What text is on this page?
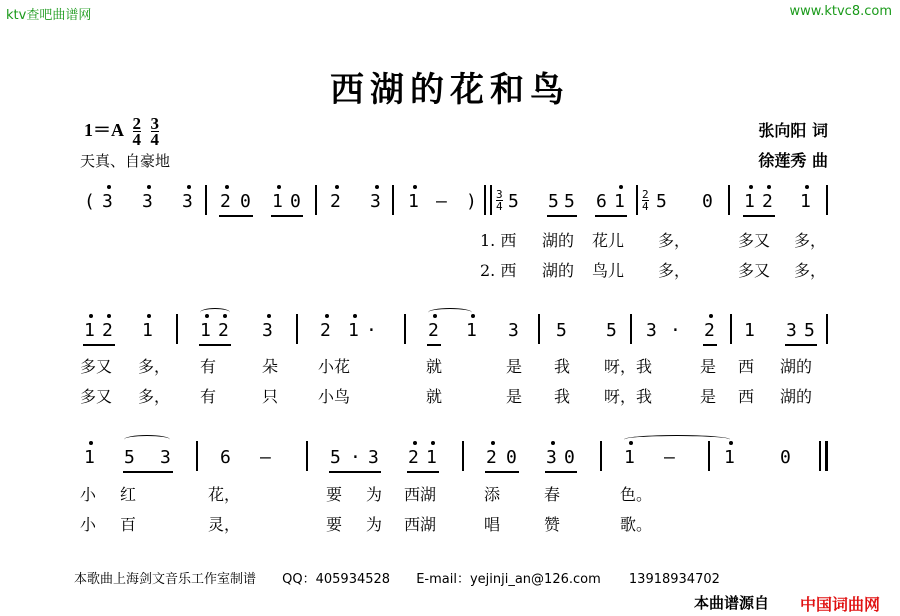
ktv查吧曲谱网	www.ktvc8.com
西湖的花和鸟
$1=A \frac{2}{4}$
$\frac{3}{4}$
天真、自豪地
张向阳 词
徐莲秀 曲
( 3 3 3 2 0 1 0 2 3 1 – ) $\frac{3}{4} 5$ 5 5 6 $1 \frac{2}{4} 5$ 0 1 2 1
1. 西 湖的 花儿 多，	多又 多，
2. 西 湖的 鸟儿 多，	多又 多，
1 2 1	1 2 3	2 1 ·	2 1 3 5 5 3 · 2 1 3 5
多又 多， 有	朵 小花	就	是 我 呀，我	是 西 湖的
多又 多， 有	只 小鸟	就	是 我 呀，我	是 西 湖的
1 5 3	6 –	5 · 3 2 1	2 0 3 0	1 –	1	0
小 红	花，	要 为 西湖	添	春	色。
小 百	灵，	要 为 西湖	唱	赞	歌。
本歌曲上海剑文音乐工作室制谱 QQ：405934528 E-mail：yejinji_an@126.com 13918934702
本曲谱源自 中国词曲网
